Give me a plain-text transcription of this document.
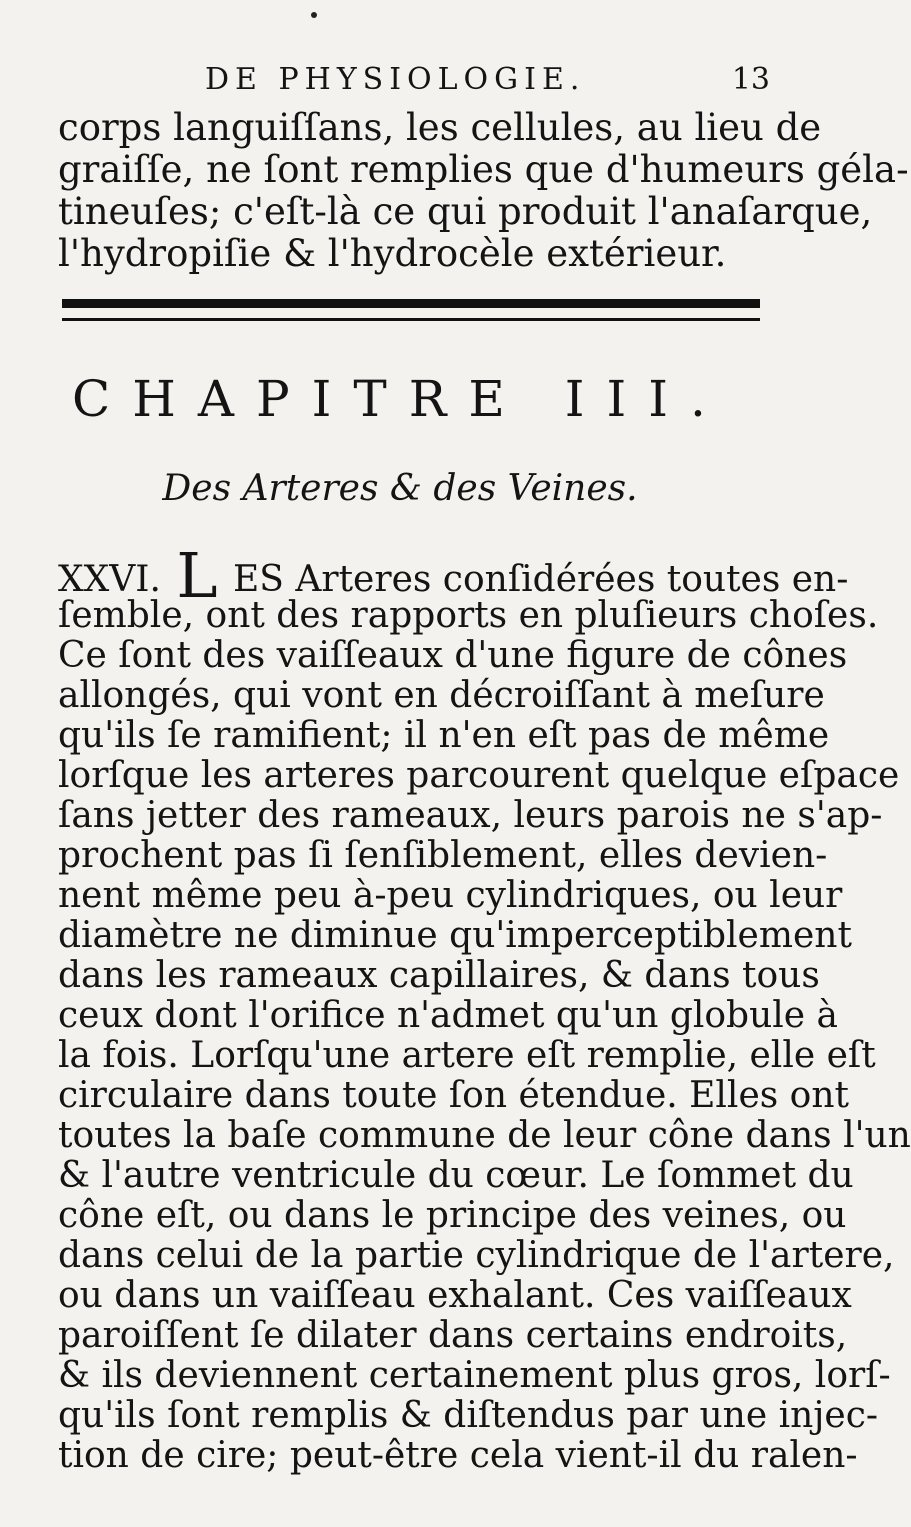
DE PHYSIOLOGIE.	13
corps languiſſans, les cellules, au lieu de
graiſſe, ne ſont remplies que d'humeurs géla-
tineuſes; c'eſt-là ce qui produit l'anaſarque,
l'hydropiſie & l'hydrocèle extérieur.
CHAPITRE III.
Des Arteres & des Veines.
XXVI. L ES Arteres conſidérées toutes en-
ſemble, ont des rapports en pluſieurs choſes.
Ce ſont des vaiſſeaux d'une figure de cônes
allongés, qui vont en décroiſſant à meſure
qu'ils ſe ramifient; il n'en eſt pas de même
lorſque les arteres parcourent quelque eſpace
ſans jetter des rameaux, leurs parois ne s'ap-
prochent pas ſi ſenſiblement, elles devien-
nent même peu à-peu cylindriques, ou leur
diamètre ne diminue qu'imperceptiblement
dans les rameaux capillaires, & dans tous
ceux dont l'orifice n'admet qu'un globule à
la fois. Lorſqu'une artere eſt remplie, elle eſt
circulaire dans toute ſon étendue. Elles ont
toutes la baſe commune de leur cône dans l'un
& l'autre ventricule du cœur. Le ſommet du
cône eſt, ou dans le principe des veines, ou
dans celui de la partie cylindrique de l'artere,
ou dans un vaiſſeau exhalant. Ces vaiſſeaux
paroiſſent ſe dilater dans certains endroits,
& ils deviennent certainement plus gros, lorſ-
qu'ils ſont remplis & diſtendus par une injec-
tion de cire; peut-être cela vient-il du ralen-
